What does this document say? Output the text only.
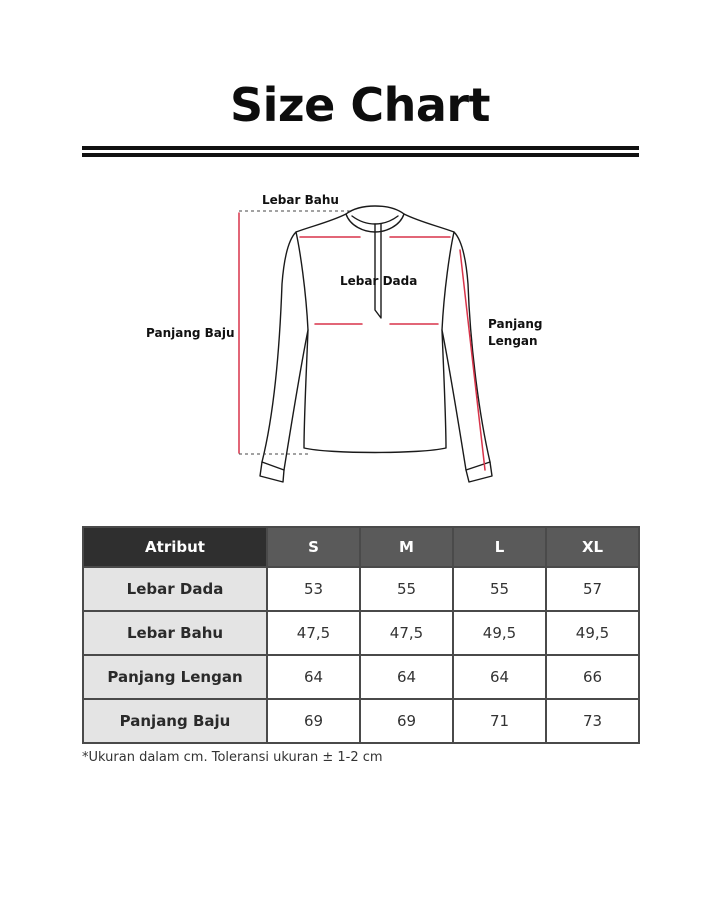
Size Chart
Lebar Bahu
Lebar Dada
Panjang Baju
Panjang
Lengan
Atribut	S	M	L	XL
Lebar Dada	53	55	55	57
Lebar Bahu	47,5	47,5	49,5	49,5
Panjang Lengan	64	64	64	66
Panjang Baju	69	69	71	73
*Ukuran dalam cm. Toleransi ukuran ± 1-2 cm
